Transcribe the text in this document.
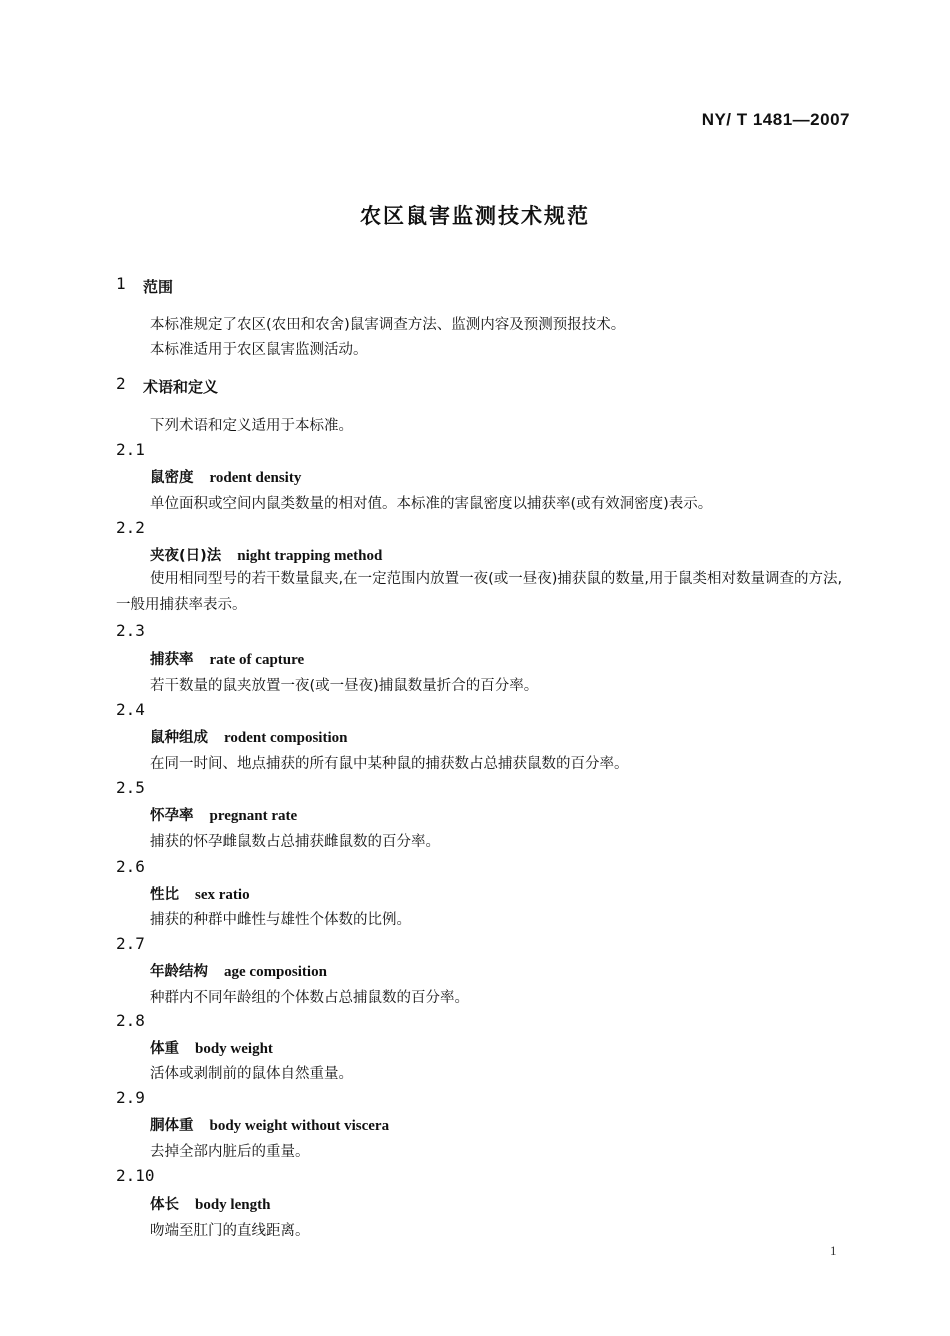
NY/ T 1481—2007
农区鼠害监测技术规范
1 范围
本标准规定了农区(农田和农舍)鼠害调查方法、监测内容及预测预报技术。
本标准适用于农区鼠害监测活动。
2 术语和定义
下列术语和定义适用于本标准。
2.1
鼠密度 rodent density
单位面积或空间内鼠类数量的相对值。本标准的害鼠密度以捕获率(或有效洞密度)表示。
2.2
夹夜(日)法 night trapping method
使用相同型号的若干数量鼠夹,在一定范围内放置一夜(或一昼夜)捕获鼠的数量,用于鼠类相对数量调查的方法,一般用捕获率表示。
2.3
捕获率 rate of capture
若干数量的鼠夹放置一夜(或一昼夜)捕鼠数量折合的百分率。
2.4
鼠种组成 rodent composition
在同一时间、地点捕获的所有鼠中某种鼠的捕获数占总捕获鼠数的百分率。
2.5
怀孕率 pregnant rate
捕获的怀孕雌鼠数占总捕获雌鼠数的百分率。
2.6
性比 sex ratio
捕获的种群中雌性与雄性个体数的比例。
2.7
年龄结构 age composition
种群内不同年龄组的个体数占总捕鼠数的百分率。
2.8
体重 body weight
活体或剥制前的鼠体自然重量。
2.9
胴体重 body weight without viscera
去掉全部内脏后的重量。
2.10
体长 body length
吻端至肛门的直线距离。
1
